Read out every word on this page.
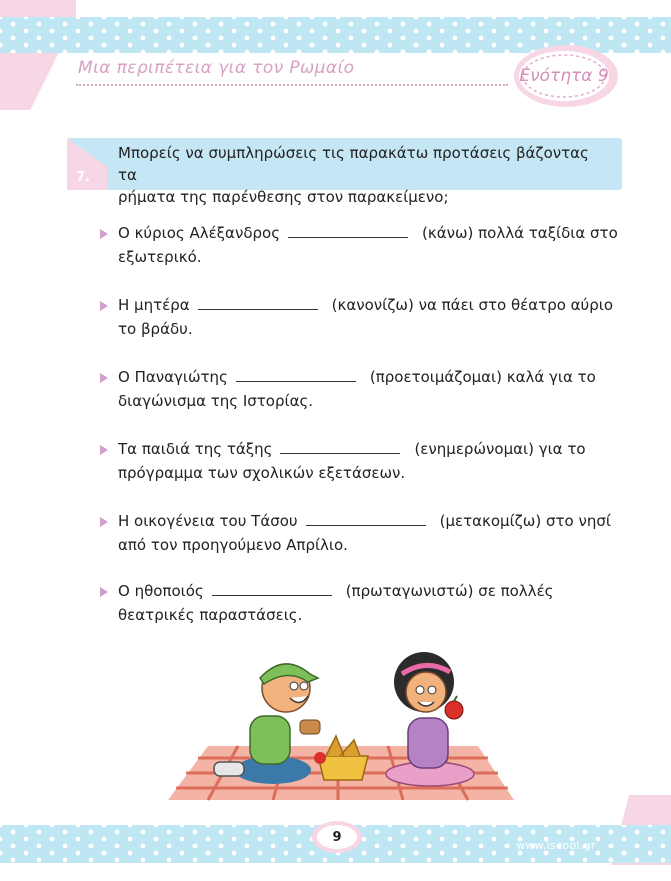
Μια περιπέτεια για τον Ρωμαίο	Ενότητα 9
7.
Μπορείς να συμπληρώσεις τις παρακάτω προτάσεις βάζοντας τα
ρήματα της παρένθεσης στον παρακείμενο;
Ο κύριος Αλέξανδρος	(κάνω) πολλά ταξίδια στο
εξωτερικό.
Η μητέρα	(κανονίζω) να πάει στο θέατρο αύριο
το βράδυ.
Ο Παναγιώτης	(προετοιμάζομαι) καλά για το
διαγώνισμα της Ιστορίας.
Τα παιδιά της τάξης	(ενημερώνομαι) για το
πρόγραμμα των σχολικών εξετάσεων.
Η οικογένεια του Τάσου	(μετακομίζω) στο νησί
από τον προηγούμενο Απρίλιο.
Ο ηθοποιός	(πρωταγωνιστώ) σε πολλές
θεατρικές παραστάσεις.
9
www.iscool.gr
